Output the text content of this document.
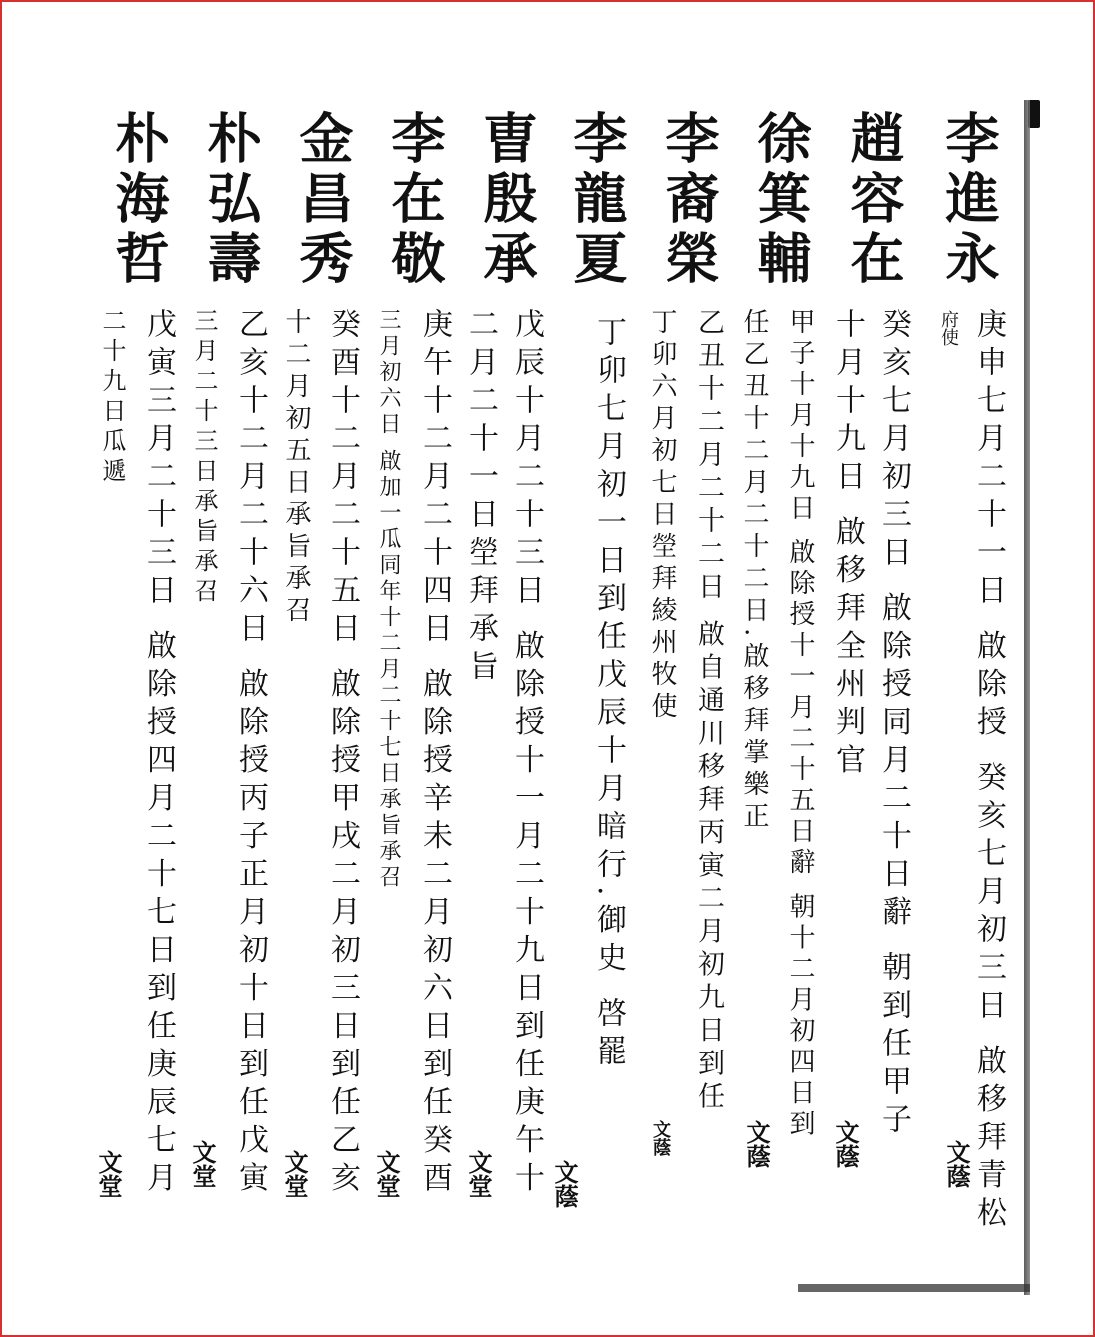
李進永
庚申七月二十一日 啟除授 癸亥七月初三日 啟移拜青松
府使
文蔭
趙容在
癸亥七月初三日 啟除授同月二十日辭 朝到任甲子
十月十九日 啟移拜全州判官
文蔭
徐箕輔
甲子十月十九日 啟除授十一月二十五日辭 朝十二月初四日到
任乙丑十二月二十二日.啟移拜掌樂正
文蔭
李裔榮
乙丑十二月二十二日 啟自通川移拜丙寅二月初九日到任
丁卯六月初七日塋拜綾州牧使
文蔭
李龍夏
丁卯七月初一日到任戊辰十月暗行.御史 啓罷
文蔭
曺殷承
戊辰十月二十三日 啟除授十一月二十九日到任庚午十
二月二十一日塋拜承旨
文堂
李在敬
庚午十二月二十四日 啟除授辛未二月初六日到任癸酉
三月初六日 啟加一瓜同年十二月二十七日承旨承召
文堂
金昌秀
癸酉十二月二十五日 啟除授甲戌二月初三日到任乙亥
十二月初五日承旨承召
文堂
朴弘壽
乙亥十二月二十六日 啟除授丙子正月初十日到任戊寅
三月二十三日承旨承召
文堂
朴海哲
戊寅三月二十三日 啟除授四月二十七日到任庚辰七月
二十九日瓜遞
文堂
